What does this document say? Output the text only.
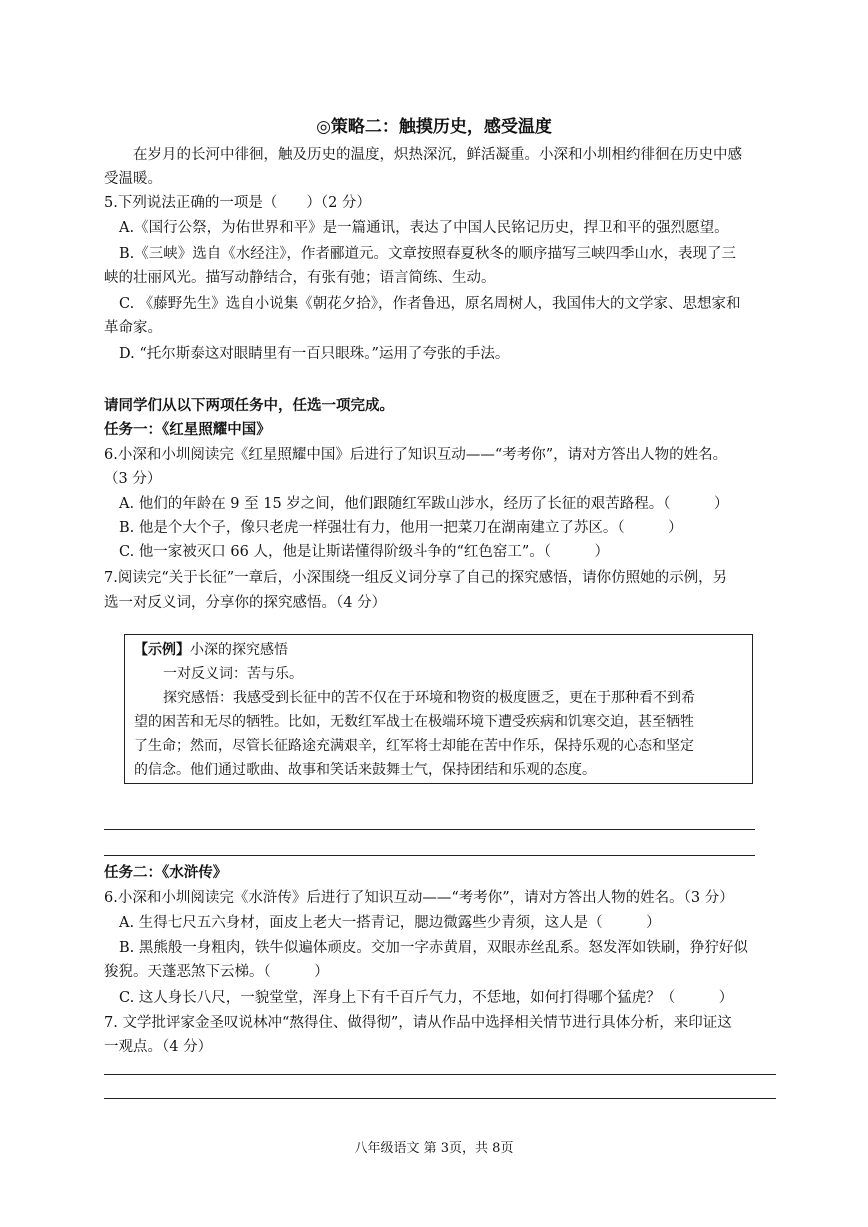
◎策略二：触摸历史，感受温度
在岁月的长河中徘徊，触及历史的温度，炽热深沉，鲜活凝重。小深和小圳相约徘徊在历史中感
受温暖。
5.下列说法正确的一项是（　　）（2 分）
A.《国行公祭，为佑世界和平》是一篇通讯，表达了中国人民铭记历史，捍卫和平的强烈愿望。
B.《三峡》选自《水经注》，作者郦道元。文章按照春夏秋冬的顺序描写三峡四季山水，表现了三
峡的壮丽风光。描写动静结合，有张有弛；语言简练、生动。
C. 《藤野先生》选自小说集《朝花夕拾》，作者鲁迅，原名周树人，我国伟大的文学家、思想家和
革命家。
D. “托尔斯泰这对眼睛里有一百只眼珠。”运用了夸张的手法。
请同学们从以下两项任务中，任选一项完成。
任务一：《红星照耀中国》
6.小深和小圳阅读完《红星照耀中国》后进行了知识互动——“考考你”，请对方答出人物的姓名。
（3 分）
A. 他们的年龄在 9 至 15 岁之间，他们跟随红军跋山涉水，经历了长征的艰苦路程。（　　　）
B. 他是个大个子，像只老虎一样强壮有力，他用一把菜刀在湖南建立了苏区。（　　　）
C. 他一家被灭口 66 人，他是让斯诺懂得阶级斗争的“红色窑工”。（　　　）
7.阅读完“关于长征”一章后，小深围绕一组反义词分享了自己的探究感悟，请你仿照她的示例，另
选一对反义词，分享你的探究感悟。（4 分）
【示例】小深的探究感悟
一对反义词：苦与乐。
探究感悟：我感受到长征中的苦不仅在于环境和物资的极度匮乏，更在于那种看不到希
望的困苦和无尽的牺牲。比如，无数红军战士在极端环境下遭受疾病和饥寒交迫，甚至牺牲
了生命；然而，尽管长征路途充满艰辛，红军将士却能在苦中作乐，保持乐观的心态和坚定
的信念。他们通过歌曲、故事和笑话来鼓舞士气，保持团结和乐观的态度。
任务二：《水浒传》
6.小深和小圳阅读完《水浒传》后进行了知识互动——“考考你”，请对方答出人物的姓名。（3 分）
A. 生得七尺五六身材，面皮上老大一搭青记，腮边微露些少青须，这人是（　　　）
B. 黑熊般一身粗肉，铁牛似遍体顽皮。交加一字赤黄眉，双眼赤丝乱系。怒发浑如铁刷，狰狞好似
狻猊。天蓬恶煞下云梯。（　　　）
C. 这人身长八尺，一貌堂堂，浑身上下有千百斤气力，不恁地，如何打得哪个猛虎？（　　　）
7. 文学批评家金圣叹说林冲“熬得住、做得彻”，请从作品中选择相关情节进行具体分析，来印证这
一观点。（4 分）
八年级语文 第 3页，共 8页
